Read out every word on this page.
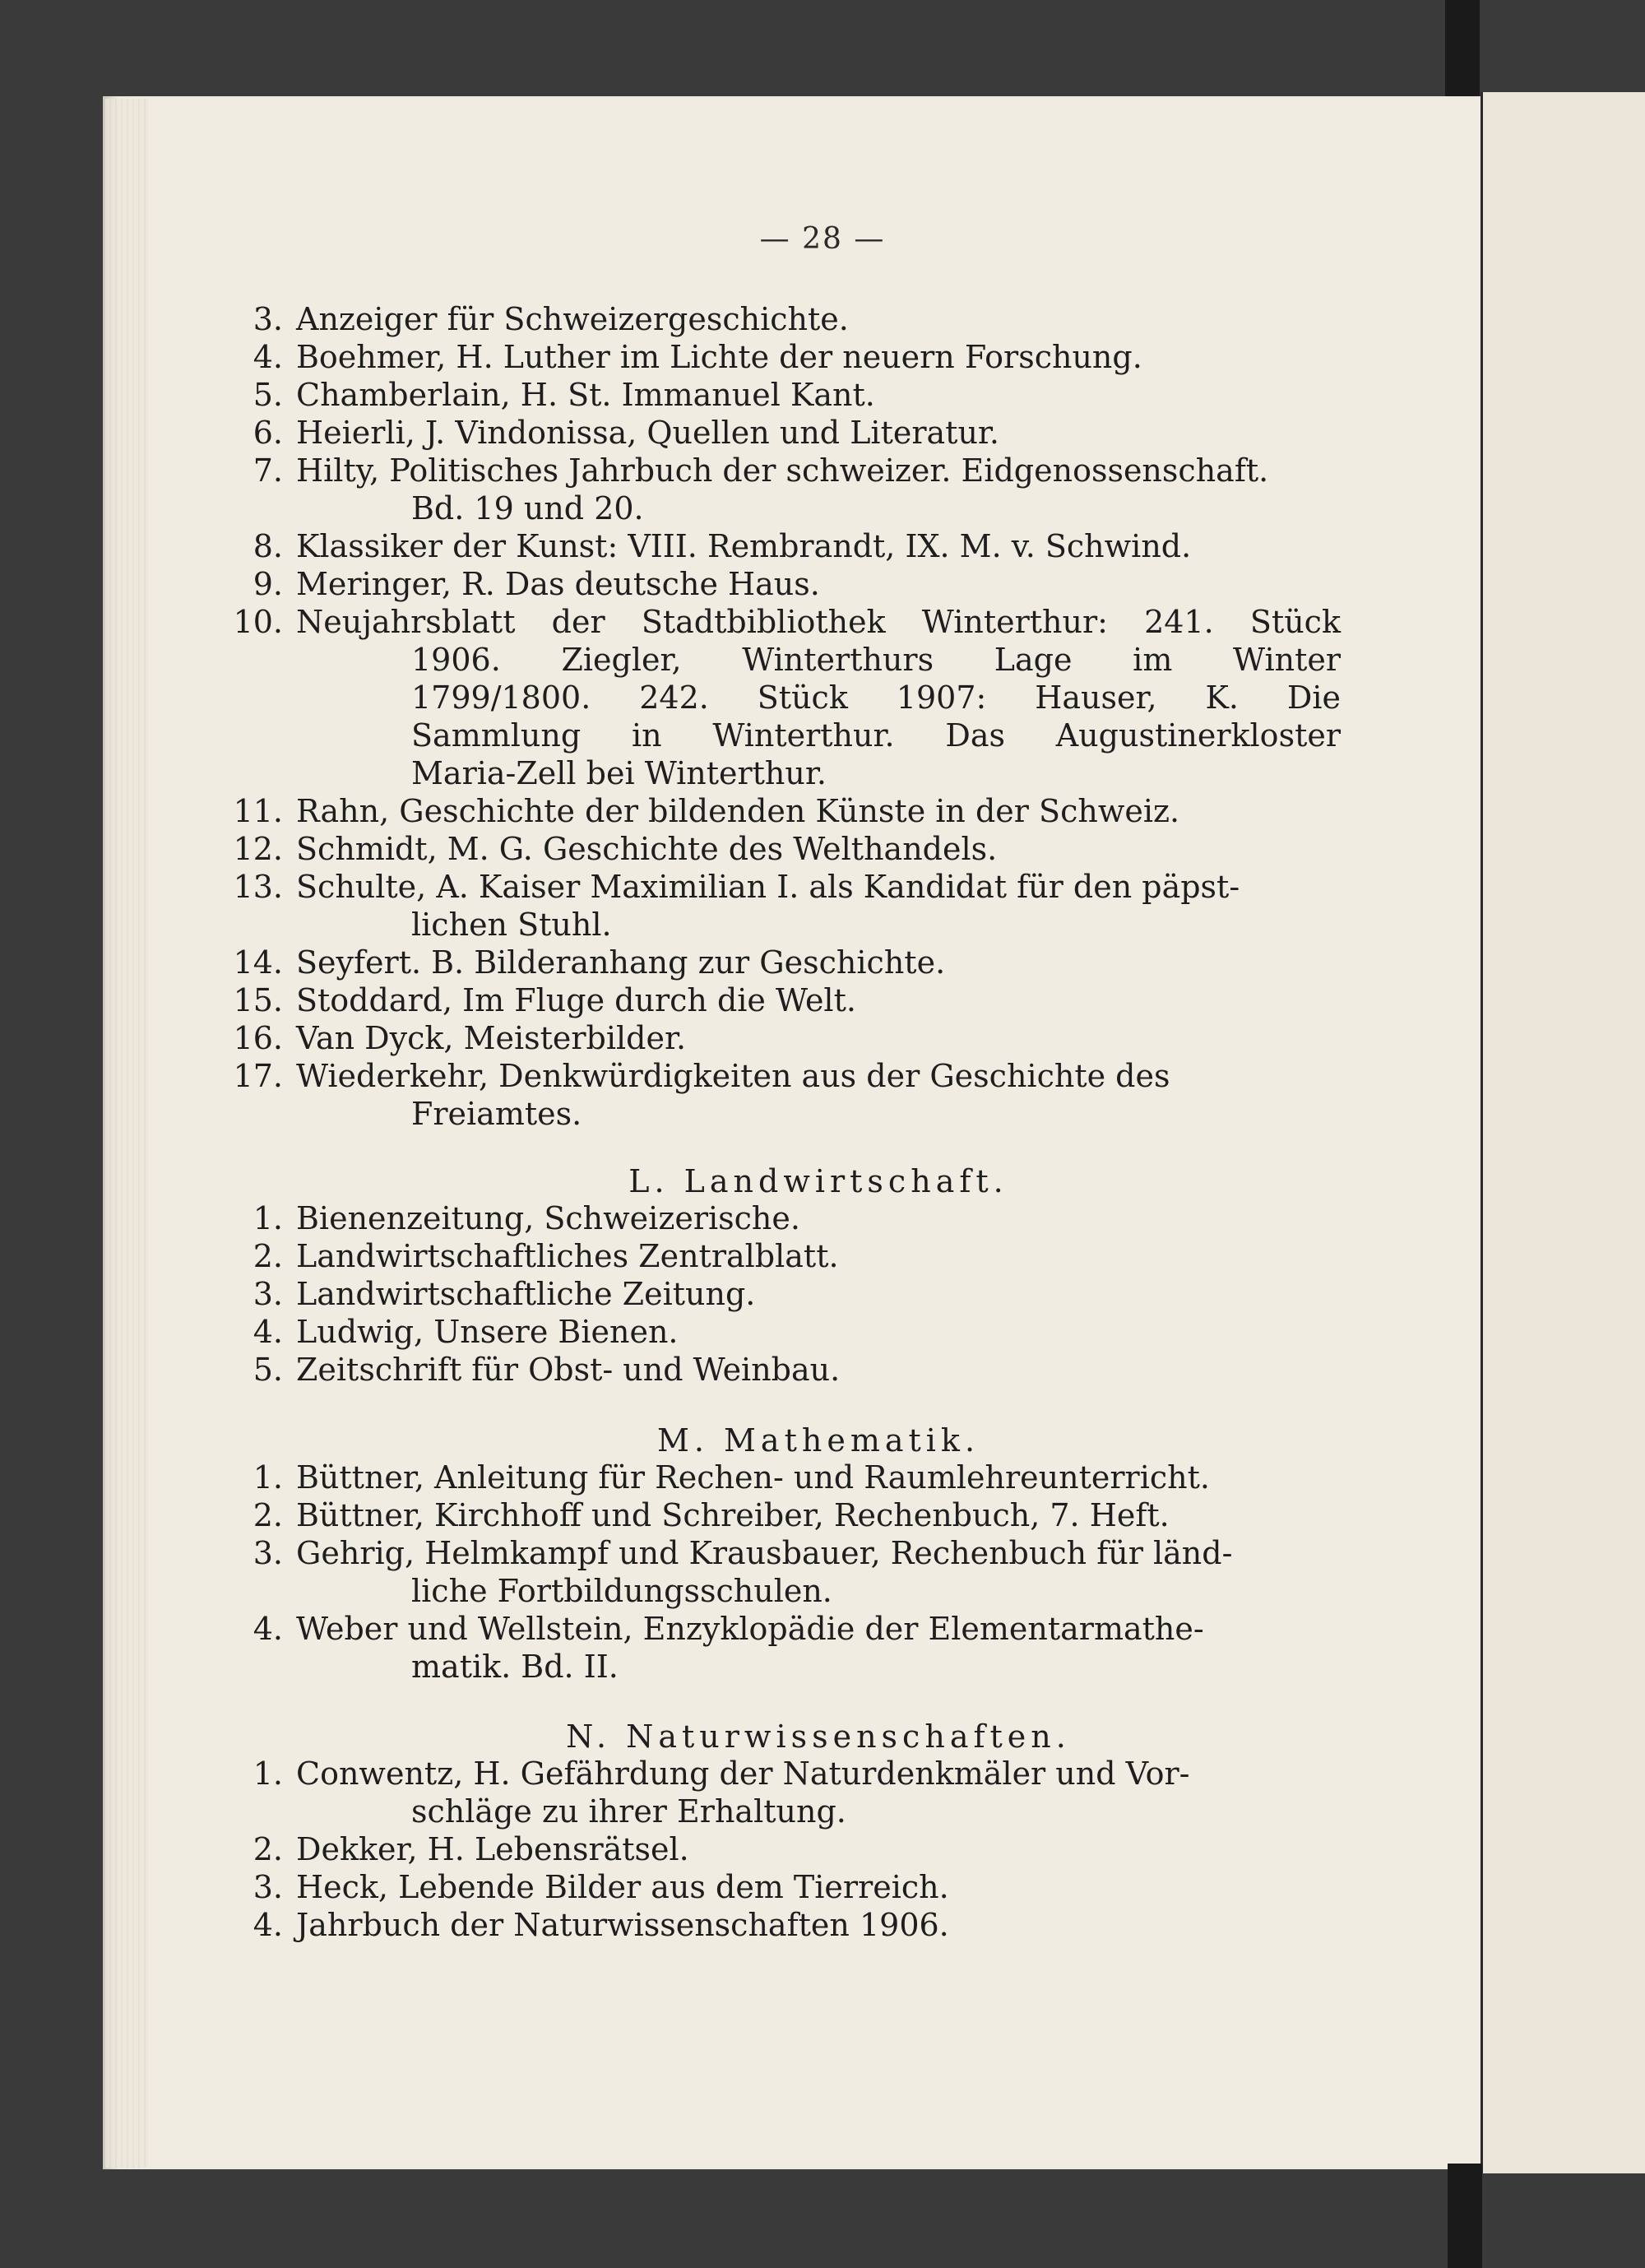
— 28 —
3. Anzeiger für Schweizergeschichte.
4. Boehmer, H. Luther im Lichte der neuern Forschung.
5. Chamberlain, H. St. Immanuel Kant.
6. Heierli, J. Vindonissa, Quellen und Literatur.
7. Hilty, Politisches Jahrbuch der schweizer. Eidgenossenschaft.
Bd. 19 und 20.
8. Klassiker der Kunst: VIII. Rembrandt, IX. M. v. Schwind.
9. Meringer, R. Das deutsche Haus.
10. Neujahrsblatt der Stadtbibliothek Winterthur: 241. Stück
1906. Ziegler, Winterthurs Lage im Winter
1799/1800. 242. Stück 1907: Hauser, K. Die
Sammlung in Winterthur. Das Augustinerkloster
Maria-Zell bei Winterthur.
11. Rahn, Geschichte der bildenden Künste in der Schweiz.
12. Schmidt, M. G. Geschichte des Welthandels.
13. Schulte, A. Kaiser Maximilian I. als Kandidat für den päpst-
lichen Stuhl.
14. Seyfert. B. Bilderanhang zur Geschichte.
15. Stoddard, Im Fluge durch die Welt.
16. Van Dyck, Meisterbilder.
17. Wiederkehr, Denkwürdigkeiten aus der Geschichte des
Freiamtes.
L. Landwirtschaft.
1. Bienenzeitung, Schweizerische.
2. Landwirtschaftliches Zentralblatt.
3. Landwirtschaftliche Zeitung.
4. Ludwig, Unsere Bienen.
5. Zeitschrift für Obst- und Weinbau.
M. Mathematik.
1. Büttner, Anleitung für Rechen- und Raumlehreunterricht.
2. Büttner, Kirchhoff und Schreiber, Rechenbuch, 7. Heft.
3. Gehrig, Helmkampf und Krausbauer, Rechenbuch für länd-
liche Fortbildungsschulen.
4. Weber und Wellstein, Enzyklopädie der Elementarmathe-
matik. Bd. II.
N. Naturwissenschaften.
1. Conwentz, H. Gefährdung der Naturdenkmäler und Vor-
schläge zu ihrer Erhaltung.
2. Dekker, H. Lebensrätsel.
3. Heck, Lebende Bilder aus dem Tierreich.
4. Jahrbuch der Naturwissenschaften 1906.
